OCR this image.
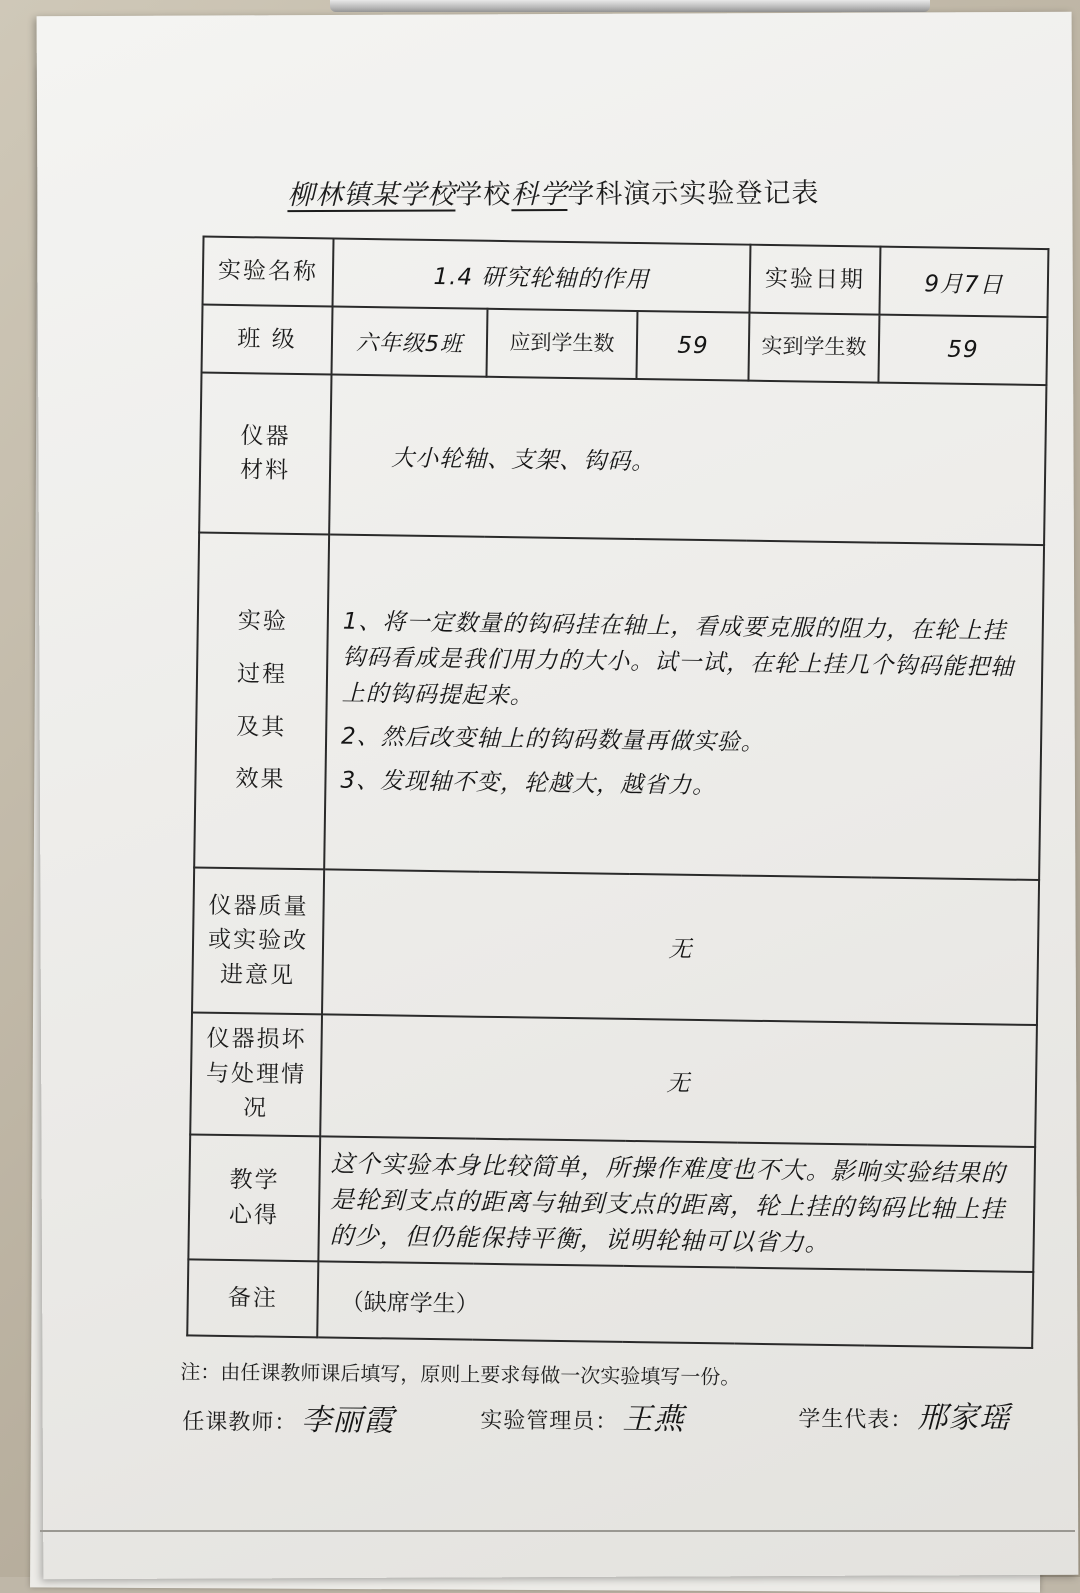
柳林镇某学校学校科学学科演示实验登记表
实验名称	1.4 研究轮轴的作用			实验日期	9月7日
班 级	六年级5班	应到学生数	59	实到学生数	59
仪器材料	大小轮轴、支架、钩码。				
实验过程及其效果	1、将一定数量的钩码挂在轴上，看成要克服的阻力，在轮上挂钩码看成是我们用力的大小。试一试，在轮上挂几个钩码能把轴上的钩码提起来。

2、然后改变轴上的钩码数量再做实验。

3、发现轴不变，轮越大，越省力。				

仪器质量或实验改进意见	无				
仪器损坏与处理情况	无				
教学心得	这个实验本身比较简单，所操作难度也不大。影响实验结果的是轮到支点的距离与轴到支点的距离，轮上挂的钩码比轴上挂的少，但仍能保持平衡，说明轮轴可以省力。				
备注	（缺席学生）				
注：由任课教师课后填写，原则上要求每做一次实验填写一份。
任课教师： 李丽霞	实验管理员： 王燕	学生代表： 邢家瑶
